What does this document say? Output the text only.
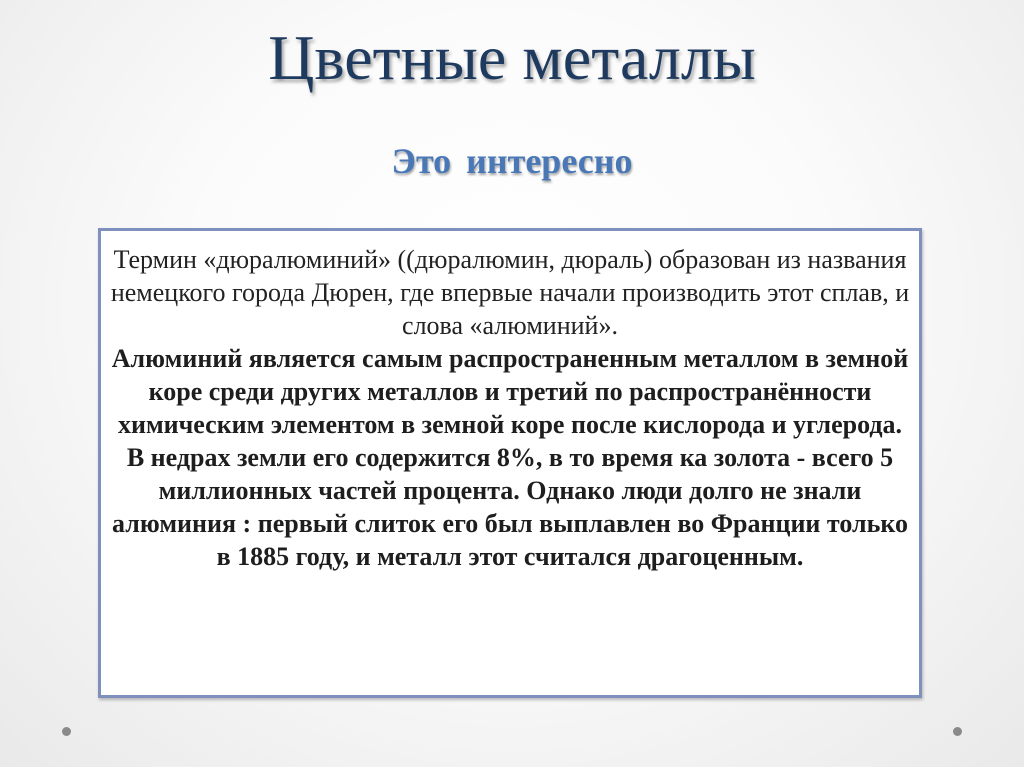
Цветные металлы
Это интересно

Термин «дюралюминий» ((дюралюмин, дюраль) образован из названия немецкого города Дюрен, где впервые начали производить этот сплав, и слова «алюминий».

Алюминий является самым распространенным металлом в земной коре среди других металлов и третий по распространённости химическим элементом в земной коре после кислорода и углерода.

В недрах земли его содержится 8%, в то время ка золота - всего 5 миллионных частей процента. Однако люди долго не знали алюминия : первый слиток его был выплавлен во Франции только в 1885 году, и металл этот считался драгоценным.
